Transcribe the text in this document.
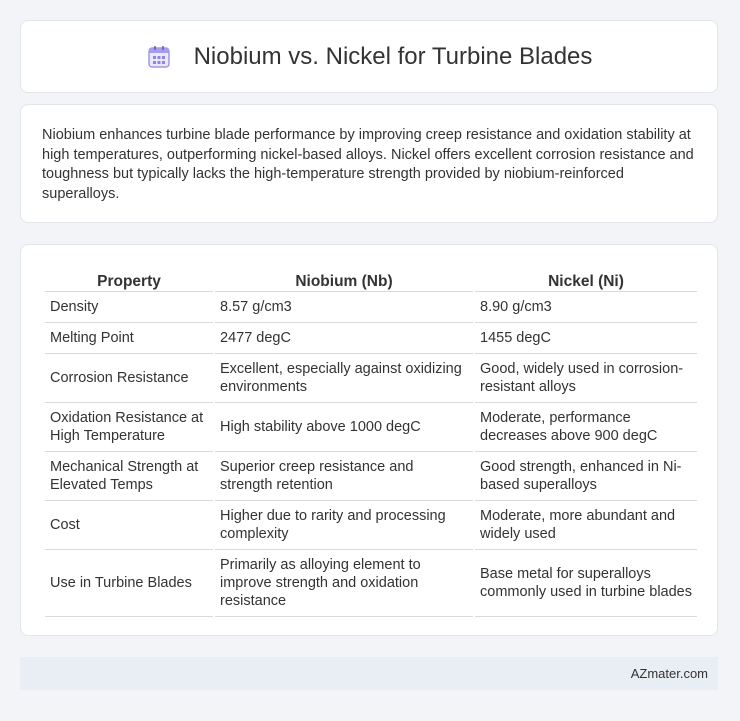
Niobium vs. Nickel for Turbine Blades

Niobium enhances turbine blade performance by improving creep resistance and oxidation stability at high temperatures, outperforming nickel-based alloys. Nickel offers excellent corrosion resistance and toughness but typically lacks the high-temperature strength provided by niobium-reinforced superalloys.

Property	Niobium (Nb)	Nickel (Ni)
Density	8.57 g/cm3	8.90 g/cm3
Melting Point	2477 degC	1455 degC
Corrosion Resistance	Excellent, especially against oxidizing environments	Good, widely used in corrosion-resistant alloys
Oxidation Resistance at High Temperature	High stability above 1000 degC	Moderate, performance decreases above 900 degC
Mechanical Strength at Elevated Temps	Superior creep resistance and strength retention	Good strength, enhanced in Ni-based superalloys
Cost	Higher due to rarity and processing complexity	Moderate, more abundant and widely used
Use in Turbine Blades	Primarily as alloying element to improve strength and oxidation resistance	Base metal for superalloys commonly used in turbine blades
AZmater.com
